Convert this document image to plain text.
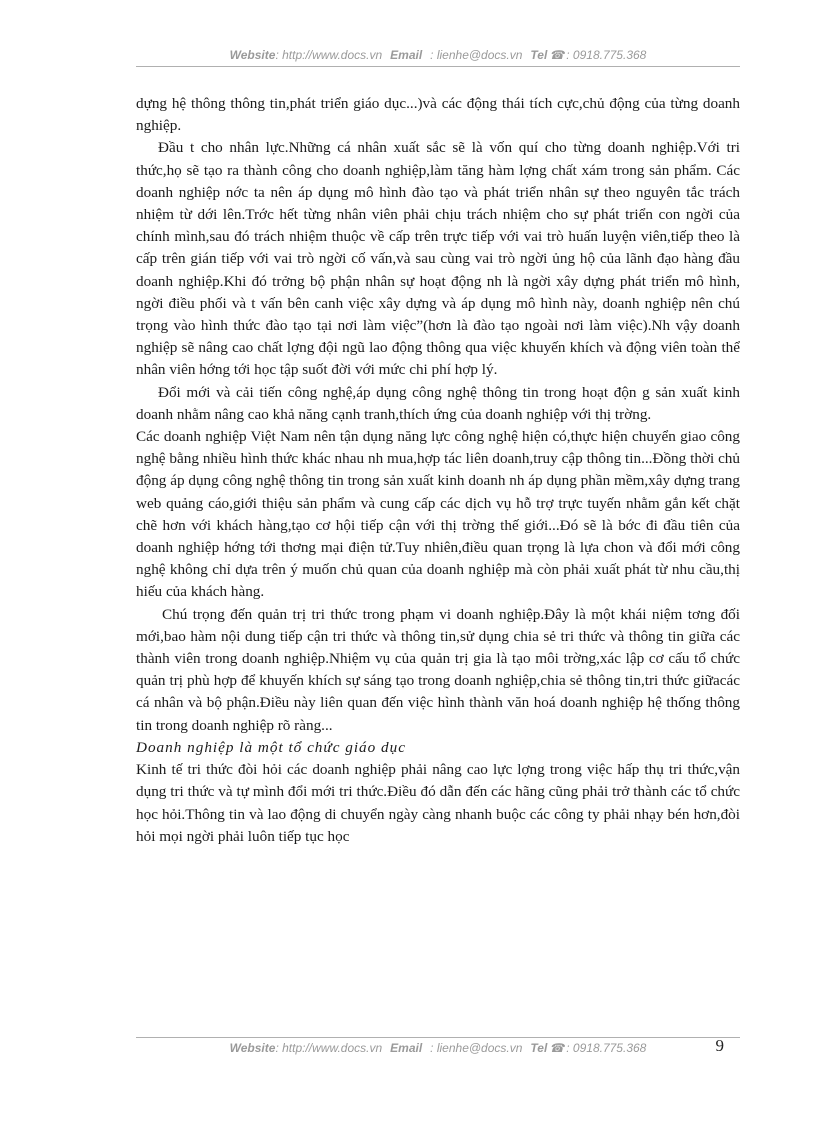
Website: http://www.docs.vn Email : lienhe@docs.vn Tel ☎ : 0918.775.368

dựng hệ thông thông tin,phát triển giáo dục...)và các động thái tích cực,chủ động của từng doanh nghiệp.

Đầu t cho nhân lực.Những cá nhân xuất sắc sẽ là vốn quí cho từng doanh nghiệp.Với tri thức,họ sẽ tạo ra thành công cho doanh nghiệp,làm tăng hàm lợng chất xám trong sản phẩm. Các doanh nghiệp nớc ta nên áp dụng mô hình đào tạo và phát triển nhân sự theo nguyên tắc trách nhiệm từ dới lên.Trớc hết từng nhân viên phải chịu trách nhiệm cho sự phát triển con ngời của chính mình,sau đó trách nhiệm thuộc về cấp trên trực tiếp với vai trò huấn luyện viên,tiếp theo là cấp trên gián tiếp với vai trò ngời cố vấn,và sau cùng vai trò ngời ủng hộ của lãnh đạo hàng đầu doanh nghiệp.Khi đó trởng bộ phận nhân sự hoạt động nh là ngời xây dựng phát triển mô hình, ngời điều phối và t vấn bên canh việc xây dựng và áp dụng mô hình này, doanh nghiệp nên chú trọng vào hình thức đào tạo tại nơi làm việc”(hơn là đào tạo ngoài nơi làm việc).Nh vậy doanh nghiệp sẽ nâng cao chất lợng đội ngũ lao động thông qua việc khuyến khích và động viên toàn thể nhân viên hớng tới học tập suốt đời với mức chi phí hợp lý.

Đổi mới và cải tiến công nghệ,áp dụng công nghệ thông tin trong hoạt độn g sản xuất kinh doanh nhằm nâng cao khả năng cạnh tranh,thích ứng của doanh nghiệp với thị trờng.

Các doanh nghiệp Việt Nam nên tận dụng năng lực công nghệ hiện có,thực hiện chuyển giao công nghệ bằng nhiều hình thức khác nhau nh mua,hợp tác liên doanh,truy cập thông tin...Đồng thời chủ động áp dụng công nghệ thông tin trong sản xuất kinh doanh nh áp dụng phần mềm,xây dựng trang web quảng cáo,giới thiệu sản phẩm và cung cấp các dịch vụ hỗ trợ trực tuyến nhằm gắn kết chặt chẽ hơn với khách hàng,tạo cơ hội tiếp cận với thị trờng thế giới...Đó sẽ là bớc đi đầu tiên của doanh nghiệp hớng tới thơng mại điện tử.Tuy nhiên,điều quan trọng là lựa chon và đổi mới công nghệ không chỉ dựa trên ý muốn chủ quan của doanh nghiệp mà còn phải xuất phát từ nhu cầu,thị hiếu của khách hàng.

Chú trọng đến quản trị tri thức trong phạm vi doanh nghiệp.Đây là một khái niệm tơng đối mới,bao hàm nội dung tiếp cận tri thức và thông tin,sử dụng chia sẻ tri thức và thông tin giữa các thành viên trong doanh nghiệp.Nhiệm vụ của quản trị gia là tạo môi trờng,xác lập cơ cấu tổ chức quản trị phù hợp để khuyến khích sự sáng tạo trong doanh nghiệp,chia sẻ thông tin,tri thức giữacác cá nhân và bộ phận.Điều này liên quan đến việc hình thành văn hoá doanh nghiệp hệ thống thông tin trong doanh nghiệp rõ ràng...

Doanh nghiệp là một tổ chức giáo dục

Kinh tế tri thức đòi hỏi các doanh nghiệp phải nâng cao lực lợng trong việc hấp thụ tri thức,vận dụng tri thức và tự mình đổi mới tri thức.Điều đó dẫn đến các hãng cũng phải trở thành các tổ chức học hỏi.Thông tin và lao động di chuyển ngày càng nhanh buộc các công ty phải nhạy bén hơn,đòi hỏi mọi ngời phải luôn tiếp tục học

Website: http://www.docs.vn Email : lienhe@docs.vn Tel ☎ : 0918.775.368	9
